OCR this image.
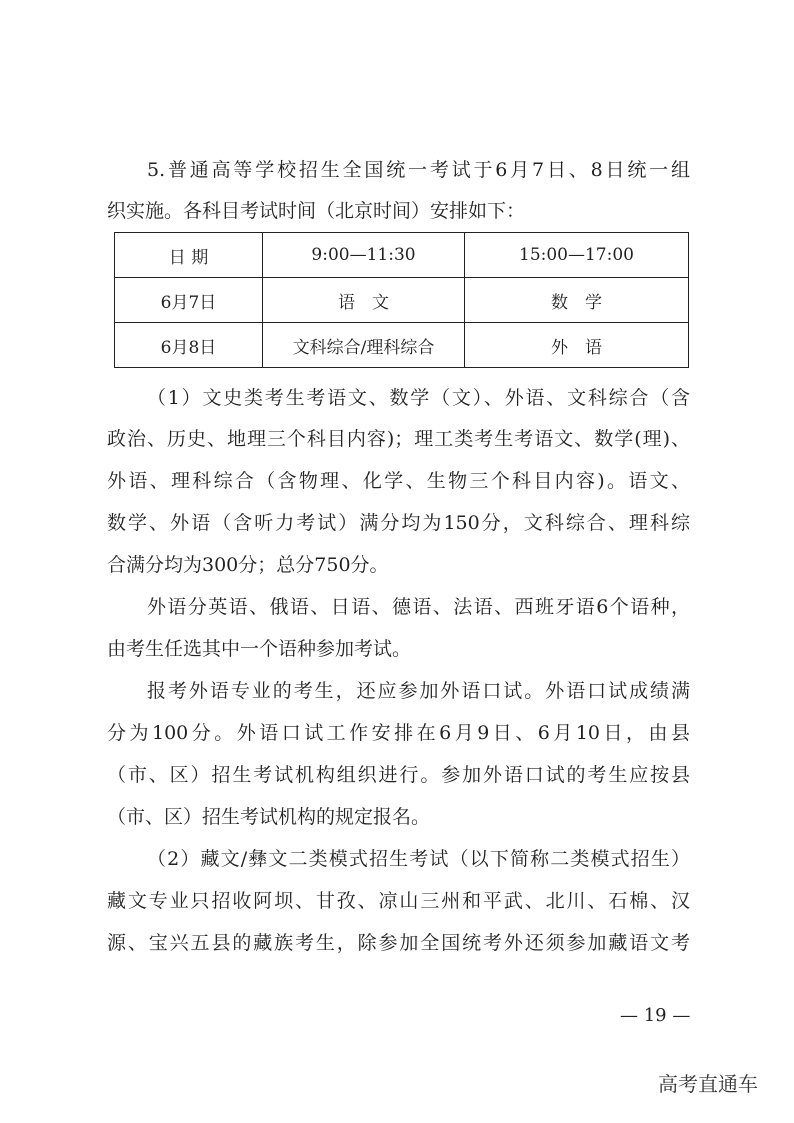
5.普通高等学校招生全国统一考试于6月7日、8日统一组
织实施。各科目考试时间（北京时间）安排如下：
日 期	9:00—11:30	15:00—17:00
6月7日	语　文	数　学
6月8日	文科综合/理科综合	外　语
（1）文史类考生考语文、数学（文）、外语、文科综合（含
政治、历史、地理三个科目内容)；理工类考生考语文、数学(理)、
外语、理科综合（含物理、化学、生物三个科目内容)。语文、
数学、外语（含听力考试）满分均为150分，文科综合、理科综
合满分均为300分；总分750分。
外语分英语、俄语、日语、德语、法语、西班牙语6个语种，
由考生任选其中一个语种参加考试。
报考外语专业的考生，还应参加外语口试。外语口试成绩满
分为100分。外语口试工作安排在6月9日、6月10日，由县
（市、区）招生考试机构组织进行。参加外语口试的考生应按县
（市、区）招生考试机构的规定报名。
（2）藏文/彝文二类模式招生考试（以下简称二类模式招生）
藏文专业只招收阿坝、甘孜、凉山三州和平武、北川、石棉、汉
源、宝兴五县的藏族考生，除参加全国统考外还须参加藏语文考
— 19 —
高考直通车
